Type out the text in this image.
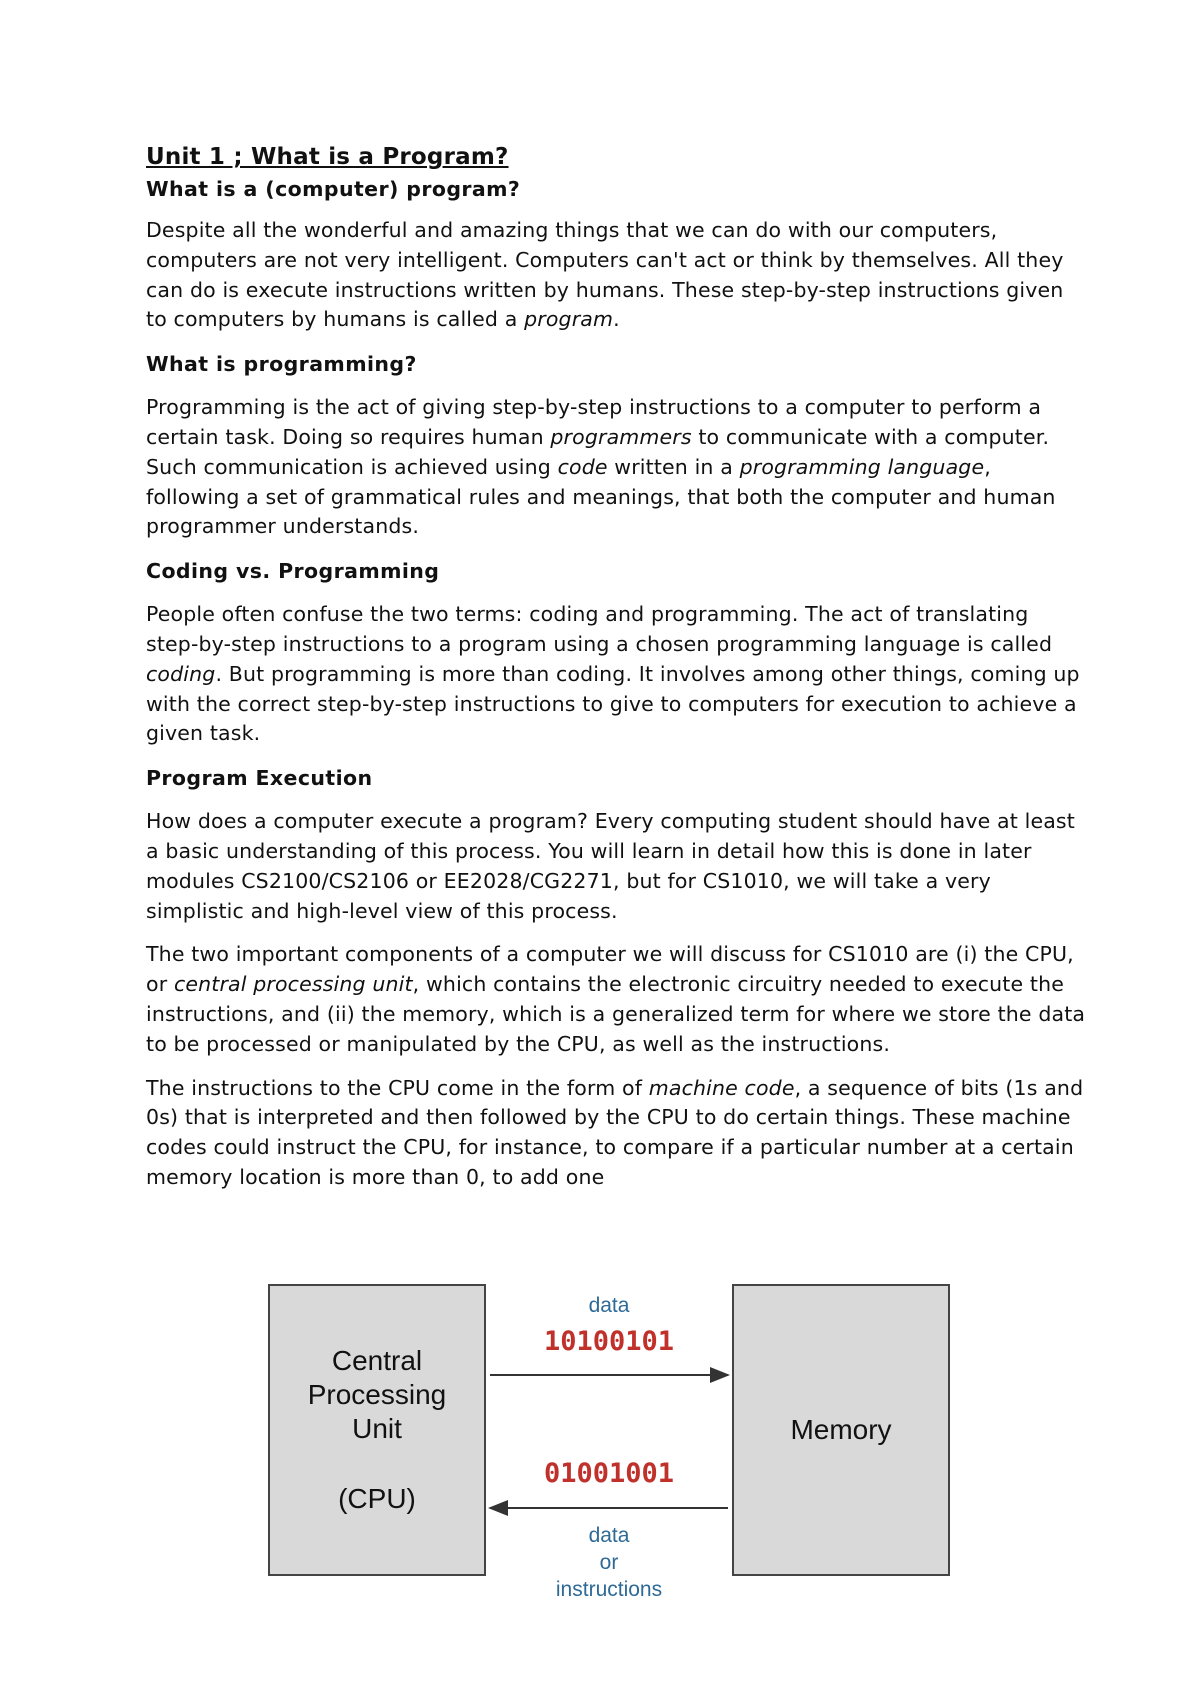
Unit 1 ; What is a Program?
What is a (computer) program?

Despite all the wonderful and amazing things that we can do with our computers, computers are not very intelligent. Computers can't act or think by themselves. All they can do is execute instructions written by humans. These step-by-step instructions given to computers by humans is called a program.

What is programming?

Programming is the act of giving step-by-step instructions to a computer to perform a certain task. Doing so requires human programmers to communicate with a computer. Such communication is achieved using code written in a programming language, following a set of grammatical rules and meanings, that both the computer and human programmer understands.

Coding vs. Programming

People often confuse the two terms: coding and programming. The act of translating step-by-step instructions to a program using a chosen programming language is called coding. But programming is more than coding. It involves among other things, coming up with the correct step-by-step instructions to give to computers for execution to achieve a given task.

Program Execution

How does a computer execute a program? Every computing student should have at least a basic understanding of this process. You will learn in detail how this is done in later modules CS2100/CS2106 or EE2028/CG2271, but for CS1010, we will take a very simplistic and high-level view of this process.

The two important components of a computer we will discuss for CS1010 are (i) the CPU, or central processing unit, which contains the electronic circuitry needed to execute the instructions, and (ii) the memory, which is a generalized term for where we store the data to be processed or manipulated by the CPU, as well as the instructions.

The instructions to the CPU come in the form of machine code, a sequence of bits (1s and 0s) that is interpreted and then followed by the CPU to do certain things. These machine codes could instruct the CPU, for instance, to compare if a particular number at a certain memory location is more than 0, to add one

Central
Processing
Unit
(CPU)
Memory
data
10100101
01001001
data
or
instructions
